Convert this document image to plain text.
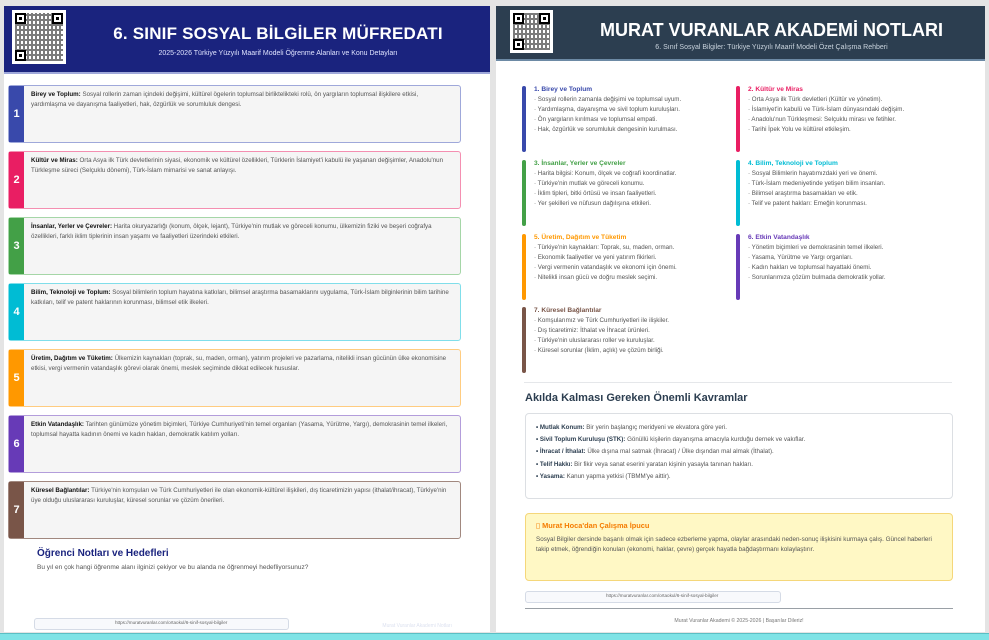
6. SINIF SOSYAL BİLGİLER MÜFREDATI
2025-2026 Türkiye Yüzyılı Maarif Modeli Öğrenme Alanları ve Konu Detayları
1
Birey ve Toplum: Sosyal rollerin zaman içindeki değişimi, kültürel ögelerin toplumsal birliktelikteki rolü, ön yargıların toplumsal ilişkilere etkisi, yardımlaşma ve dayanışma faaliyetleri, hak, özgürlük ve sorumluluk dengesi.
2
Kültür ve Miras: Orta Asya ilk Türk devletlerinin siyasi, ekonomik ve kültürel özellikleri, Türklerin İslamiyet'i kabulü ile yaşanan değişimler, Anadolu'nun Türkleşme süreci (Selçuklu dönemi), Türk-İslam mimarisi ve sanat anlayışı.
3
İnsanlar, Yerler ve Çevreler: Harita okuryazarlığı (konum, ölçek, lejant), Türkiye'nin mutlak ve göreceli konumu, ülkemizin fiziki ve beşeri coğrafya özellikleri, farklı iklim tiplerinin insan yaşamı ve faaliyetleri üzerindeki etkileri.
4
Bilim, Teknoloji ve Toplum: Sosyal bilimlerin toplum hayatına katkıları, bilimsel araştırma basamaklarını uygulama, Türk-İslam bilginlerinin bilim tarihine katkıları, telif ve patent haklarının korunması, bilimsel etik ilkeleri.
5
Üretim, Dağıtım ve Tüketim: Ülkemizin kaynakları (toprak, su, maden, orman), yatırım projeleri ve pazarlama, nitelikli insan gücünün ülke ekonomisine etkisi, vergi vermenin vatandaşlık görevi olarak önemi, meslek seçiminde dikkat edilecek hususlar.
6
Etkin Vatandaşlık: Tarihten günümüze yönetim biçimleri, Türkiye Cumhuriyeti'nin temel organları (Yasama, Yürütme, Yargı), demokrasinin temel ilkeleri, toplumsal hayatta kadının önemi ve kadın hakları, demokratik katılım yolları.
7
Küresel Bağlantılar: Türkiye'nin komşuları ve Türk Cumhuriyetleri ile olan ekonomik-kültürel ilişkileri, dış ticaretimizin yapısı (ithalat/ihracat), Türkiye'nin üye olduğu uluslararası kuruluşlar, küresel sorunlar ve çözüm önerileri.
Öğrenci Notları ve Hedefleri
Bu yıl en çok hangi öğrenme alanı ilginizi çekiyor ve bu alanda ne öğrenmeyi hedefliyorsunuz?
https://muratvuranlar.com/ortaokul/6-sinif-sosyal-bilgiler
Murat Vuranlar Akademi Notları
MURAT VURANLAR AKADEMİ NOTLARI
6. Sınıf Sosyal Bilgiler: Türkiye Yüzyılı Maarif Modeli Özet Çalışma Rehberi
1. Birey ve Toplum
· Sosyal rollerin zamanla değişimi ve toplumsal uyum.
· Yardımlaşma, dayanışma ve sivil toplum kuruluşları.
· Ön yargıların kırılması ve toplumsal empati.
· Hak, özgürlük ve sorumluluk dengesinin kurulması.
2. Kültür ve Miras
· Orta Asya ilk Türk devletleri (Kültür ve yönetim).
· İslamiyet'in kabulü ve Türk-İslam dünyasındaki değişim.
· Anadolu'nun Türkleşmesi: Selçuklu mirası ve fetihler.
· Tarihi İpek Yolu ve kültürel etkileşim.
3. İnsanlar, Yerler ve Çevreler
· Harita bilgisi: Konum, ölçek ve coğrafi koordinatlar.
· Türkiye'nin mutlak ve göreceli konumu.
· İklim tipleri, bitki örtüsü ve insan faaliyetleri.
· Yer şekilleri ve nüfusun dağılışına etkileri.
4. Bilim, Teknoloji ve Toplum
· Sosyal Bilimlerin hayatımızdaki yeri ve önemi.
· Türk-İslam medeniyetinde yetişen bilim insanları.
· Bilimsel araştırma basamakları ve etik.
· Telif ve patent hakları: Emeğin korunması.
5. Üretim, Dağıtım ve Tüketim
· Türkiye'nin kaynakları: Toprak, su, maden, orman.
· Ekonomik faaliyetler ve yeni yatırım fikirleri.
· Vergi vermenin vatandaşlık ve ekonomi için önemi.
· Nitelikli insan gücü ve doğru meslek seçimi.
6. Etkin Vatandaşlık
· Yönetim biçimleri ve demokrasinin temel ilkeleri.
· Yasama, Yürütme ve Yargı organları.
· Kadın hakları ve toplumsal hayattaki önemi.
· Sorunlarımıza çözüm bulmada demokratik yollar.
7. Küresel Bağlantılar
· Komşularımız ve Türk Cumhuriyetleri ile ilişkiler.
· Dış ticaretimiz: İthalat ve İhracat ürünleri.
· Türkiye'nin uluslararası roller ve kuruluşlar.
· Küresel sorunlar (İklim, açlık) ve çözüm birliği.
Akılda Kalması Gereken Önemli Kavramlar
• Mutlak Konum: Bir yerin başlangıç meridyeni ve ekvatora göre yeri.
• Sivil Toplum Kuruluşu (STK): Gönüllü kişilerin dayanışma amacıyla kurduğu dernek ve vakıflar.
• İhracat / İthalat: Ülke dışına mal satmak (İhracat) / Ülke dışından mal almak (İthalat).
• Telif Hakkı: Bir fikir veya sanat eserini yaratan kişinin yasayla tanınan hakları.
• Yasama: Kanun yapma yetkisi (TBMM'ye aittir).
▯ Murat Hoca'dan Çalışma İpucu
Sosyal Bilgiler dersinde başarılı olmak için sadece ezberleme yapma, olaylar arasındaki neden-sonuç ilişkisini kurmaya çalış. Güncel haberleri takip etmek, öğrendiğin konuları (ekonomi, haklar, çevre) gerçek hayatla bağdaştırmanı kolaylaştırır.
https://muratvuranlar.com/ortaokul/6-sinif-sosyal-bilgiler
Murat Vuranlar Akademi © 2025-2026 | Başarılar Dileriz!
